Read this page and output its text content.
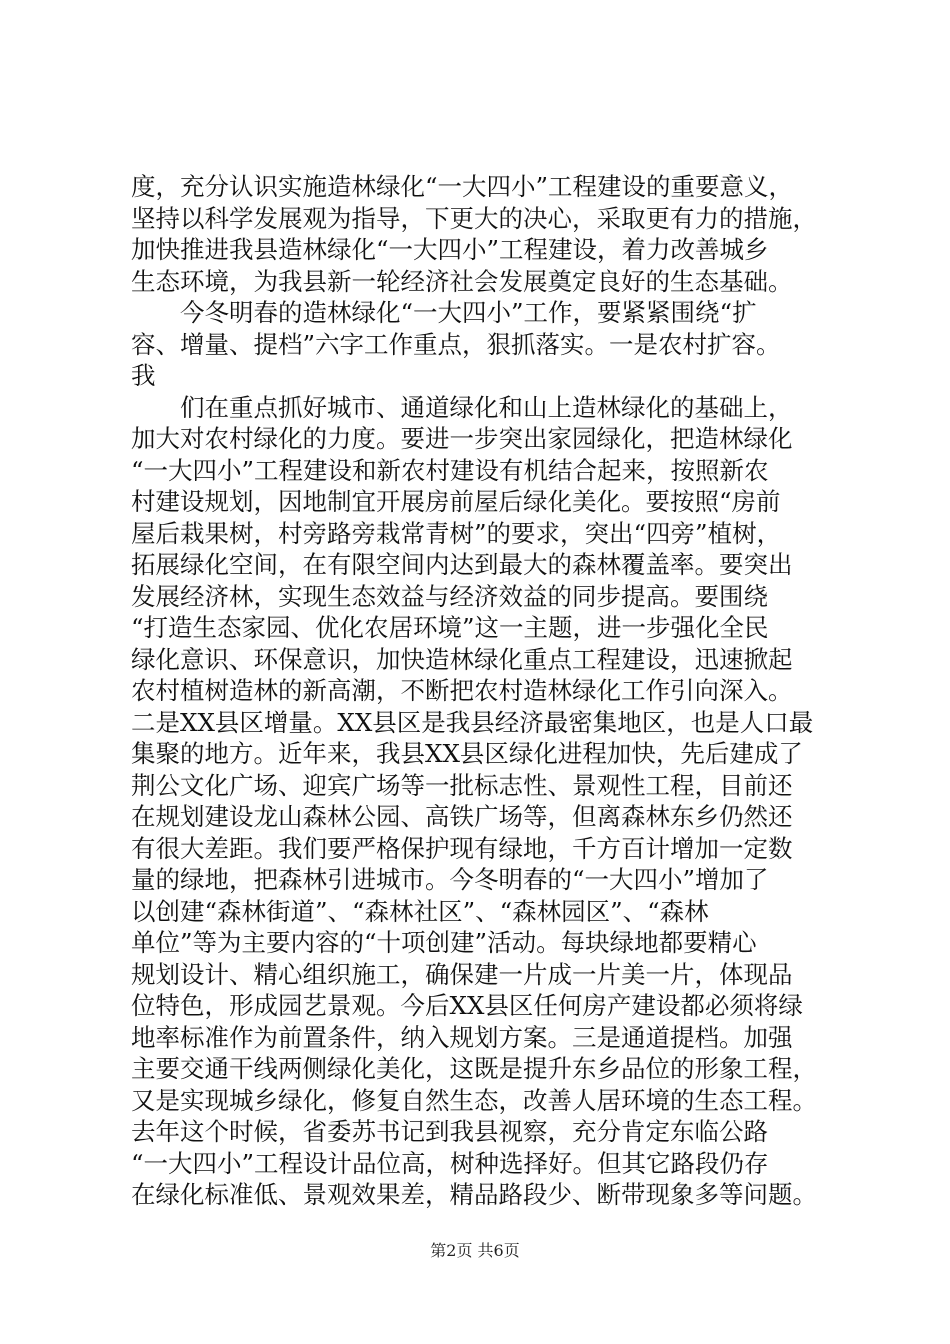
度，充分认识实施造林绿化“一大四小”工程建设的重要意义，
坚持以科学发展观为指导，下更大的决心，采取更有力的措施，
加快推进我县造林绿化“一大四小”工程建设，着力改善城乡
生态环境，为我县新一轮经济社会发展奠定良好的生态基础。
　　今冬明春的造林绿化“一大四小”工作，要紧紧围绕“扩
容、增量、提档”六字工作重点，狠抓落实。一是农村扩容。
我
　　们在重点抓好城市、通道绿化和山上造林绿化的基础上，
加大对农村绿化的力度。要进一步突出家园绿化，把造林绿化
“一大四小”工程建设和新农村建设有机结合起来，按照新农
村建设规划，因地制宜开展房前屋后绿化美化。要按照“房前
屋后栽果树，村旁路旁栽常青树”的要求，突出“四旁”植树，
拓展绿化空间，在有限空间内达到最大的森林覆盖率。要突出
发展经济林，实现生态效益与经济效益的同步提高。要围绕
“打造生态家园、优化农居环境”这一主题，进一步强化全民
绿化意识、环保意识，加快造林绿化重点工程建设，迅速掀起
农村植树造林的新高潮，不断把农村造林绿化工作引向深入。
二是XX县区增量。XX县区是我县经济最密集地区，也是人口最
集聚的地方。近年来，我县XX县区绿化进程加快，先后建成了
荆公文化广场、迎宾广场等一批标志性、景观性工程，目前还
在规划建设龙山森林公园、高铁广场等，但离森林东乡仍然还
有很大差距。我们要严格保护现有绿地，千方百计增加一定数
量的绿地，把森林引进城市。今冬明春的“一大四小”增加了
以创建“森林街道”、“森林社区”、“森林园区”、“森林
单位”等为主要内容的“十项创建”活动。每块绿地都要精心
规划设计、精心组织施工，确保建一片成一片美一片，体现品
位特色，形成园艺景观。今后XX县区任何房产建设都必须将绿
地率标准作为前置条件，纳入规划方案。三是通道提档。加强
主要交通干线两侧绿化美化，这既是提升东乡品位的形象工程，
又是实现城乡绿化，修复自然生态，改善人居环境的生态工程。
去年这个时候，省委苏书记到我县视察，充分肯定东临公路
“一大四小”工程设计品位高，树种选择好。但其它路段仍存
在绿化标准低、景观效果差，精品路段少、断带现象多等问题。
第2页 共6页
